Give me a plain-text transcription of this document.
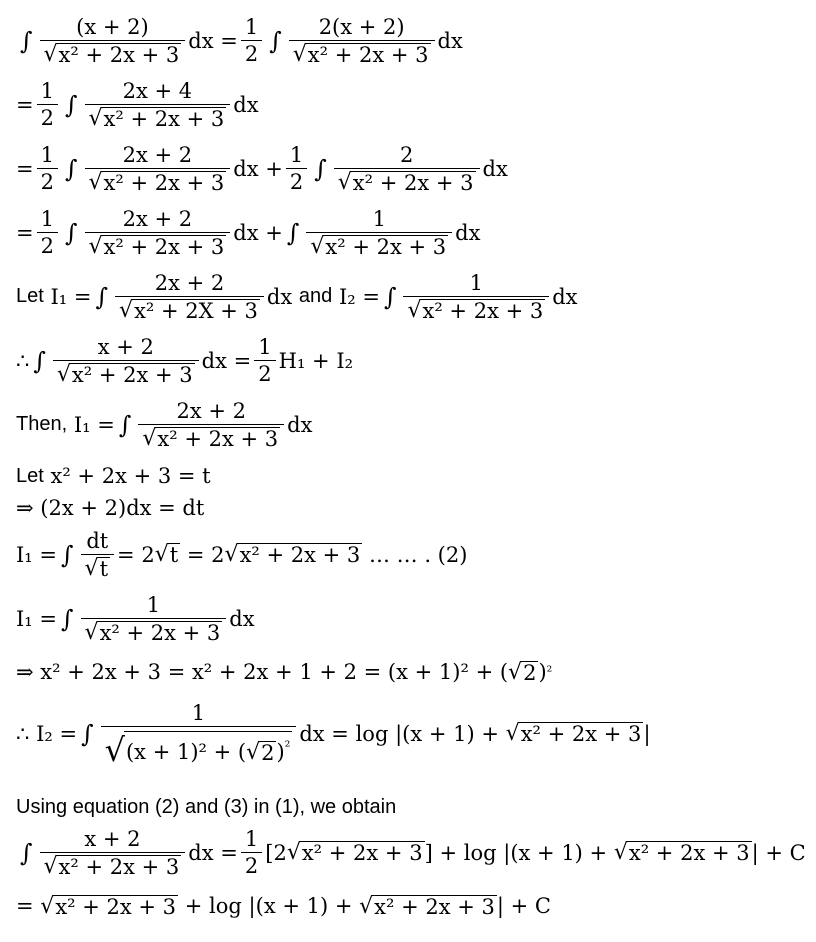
∫ $\frac{(x + 2)}{\text{√ x² + 2x + 3}}$ dx
= $\frac{1}{2}$ ∫ $\frac{2(x + 2)}{\text{√ x² + 2x + 3}}$ dx
= $\frac{1}{2}$ ∫ $\frac{2x + 4}{\text{√ x² + 2x + 3}}$ dx
= $\frac{1}{2}$ ∫ $\frac{2x + 2}{\text{√ x² + 2x + 3}}$ dx
+ $\frac{1}{2}$ ∫ $\frac{2}{\text{√ x² + 2x + 3}}$ dx
= $\frac{1}{2}$ ∫ $\frac{2x + 2}{\text{√ x² + 2x + 3}}$ dx
+ ∫ $\frac{1}{\text{√ x² + 2x + 3}}$ dx
Let
I₁
= ∫ $\frac{2x + 2}{\text{√ x² + 2X + 3}}$ dx
and
I₂
= ∫ $\frac{1}{\text{√ x² + 2x + 3}}$ dx
∴ ∫ $\frac{x + 2}{\text{√ x² + 2x + 3}}$ dx
= $\frac{1}{2} H_1$
+
I₂
Then,
I₁
= ∫ $\frac{2x + 2}{\text{√ x² + 2x + 3}}$ dx
Let
x² + 2x + 3 = t
⇒
(2x + 2)dx = dt
I₁
= ∫ $\frac{dt}{√ t}$ =
2 √ t
=
2 √ x² + 2x + 3
… … . (2)
I₁
= ∫ $\frac{1}{\text{√ x² + 2x + 3}}$ dx
⇒
x² + 2x + 3 = x² + 2x + 1 + 2 = (x + 1)² + ( √ 2 ) ²
∴
I₂
= ∫ $\frac{1}{√ (x + 1)^2 + ( √ 2 )^{^2}}$ dx
=
log
|(x + 1) +
√ x² + 2x + 3 |
Using equation (2) and (3) in (1), we obtain
∫ $\frac{x + 2}{\text{√ x² + 2x + 3}}$ dx
= $\frac{1}{2} [2$ √ x² + 2x + 3 ]
+
log
|(x + 1) +
√ x² + 2x + 3 |
+ C
=
√ x² + 2x + 3
+
log
|(x + 1) +
√ x² + 2x + 3 |
+ C
